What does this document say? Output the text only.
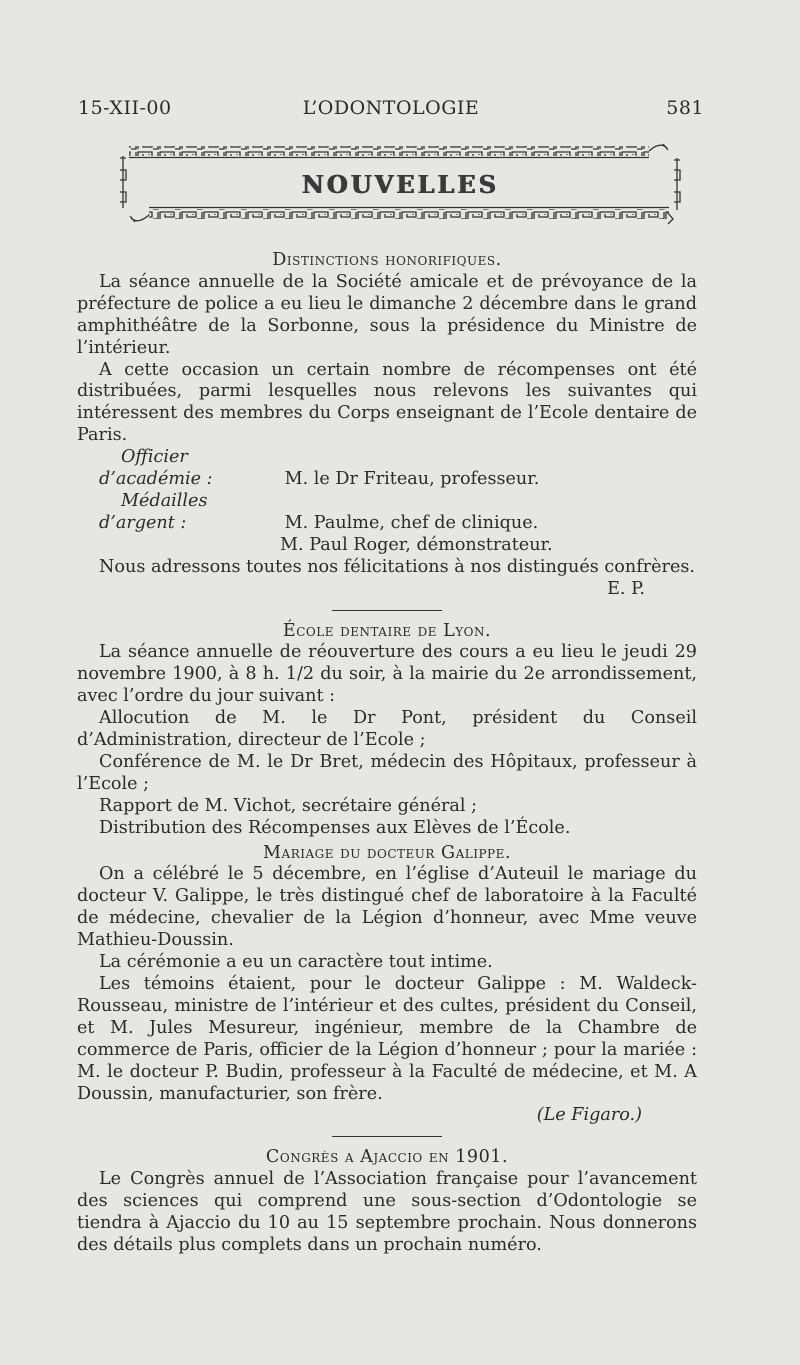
15-XII-00	L’ODONTOLOGIE	581
NOUVELLES

Distinctions honorifiques.

La séance annuelle de la Société amicale et de prévoyance de la préfecture de police a eu lieu le dimanche 2 décembre dans le grand amphithéâtre de la Sorbonne, sous la présidence du Ministre de l’intérieur.

A cette occasion un certain nombre de récompenses ont été distribuées, parmi lesquelles nous relevons les suivantes qui intéressent des membres du Corps enseignant de l’Ecole dentaire de Paris.

Officier d’académie :	M. le Dr Friteau, professeur.

Médailles d’argent :	M. Paulme, chef de clinique.

M. Paul Roger, démonstrateur.

Nous adressons toutes nos félicitations à nos distingués confrères.

E. P.

École dentaire de Lyon.

La séance annuelle de réouverture des cours a eu lieu le jeudi 29 novembre 1900, à 8 h. 1/2 du soir, à la mairie du 2e arrondissement, avec l’ordre du jour suivant :

Allocution de M. le Dr Pont, président du Conseil d’Administration, directeur de l’Ecole ;

Conférence de M. le Dr Bret, médecin des Hôpitaux, professeur à l’Ecole ;

Rapport de M. Vichot, secrétaire général ;

Distribution des Récompenses aux Elèves de l’École.

Mariage du docteur Galippe.

On a célébré le 5 décembre, en l’église d’Auteuil le mariage du docteur V. Galippe, le très distingué chef de laboratoire à la Faculté de médecine, chevalier de la Légion d’honneur, avec Mme veuve Mathieu-Doussin.

La cérémonie a eu un caractère tout intime.

Les témoins étaient, pour le docteur Galippe : M. Waldeck-Rousseau, ministre de l’intérieur et des cultes, président du Conseil, et M. Jules Mesureur, ingénieur, membre de la Chambre de commerce de Paris, officier de la Légion d’honneur ; pour la mariée : M. le docteur P. Budin, professeur à la Faculté de médecine, et M. A Doussin, manufacturier, son frère.

(Le Figaro.)

Congrès a Ajaccio en 1901.

Le Congrès annuel de l’Association française pour l’avancement des sciences qui comprend une sous-section d’Odontologie se tiendra à Ajaccio du 10 au 15 septembre prochain. Nous donnerons des détails plus complets dans un prochain numéro.
